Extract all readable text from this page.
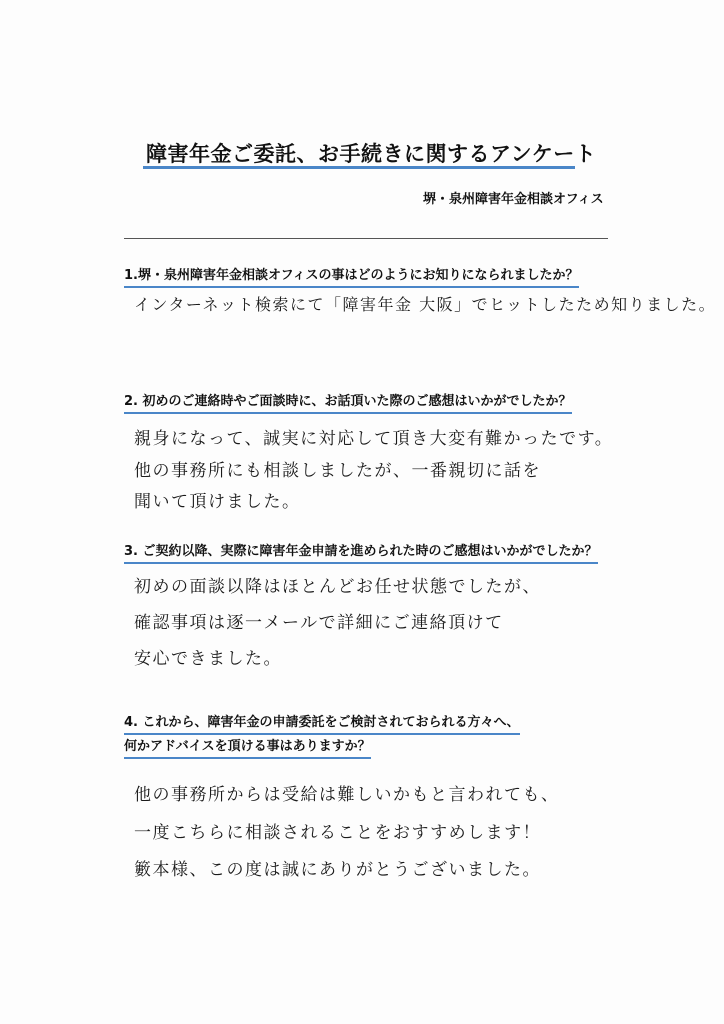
障害年金ご委託、お手続きに関するアンケート
堺・泉州障害年金相談オフィス
1.堺・泉州障害年金相談オフィスの事はどのようにお知りになられましたか？
インターネット検索にて「障害年金 大阪」でヒットしたため知りました。
2. 初めのご連絡時やご面談時に、お話頂いた際のご感想はいかがでしたか？
親身になって、誠実に対応して頂き大変有難かったです。
他の事務所にも相談しましたが、一番親切に話を
聞いて頂けました。
3. ご契約以降、実際に障害年金申請を進められた時のご感想はいかがでしたか？
初めの面談以降はほとんどお任せ状態でしたが、
確認事項は逐一メールで詳細にご連絡頂けて
安心できました。
4. これから、障害年金の申請委託をご検討されておられる方々へ、
何かアドバイスを頂ける事はありますか？
他の事務所からは受給は難しいかもと言われても、
一度こちらに相談されることをおすすめします！
籔本様、この度は誠にありがとうございました。
